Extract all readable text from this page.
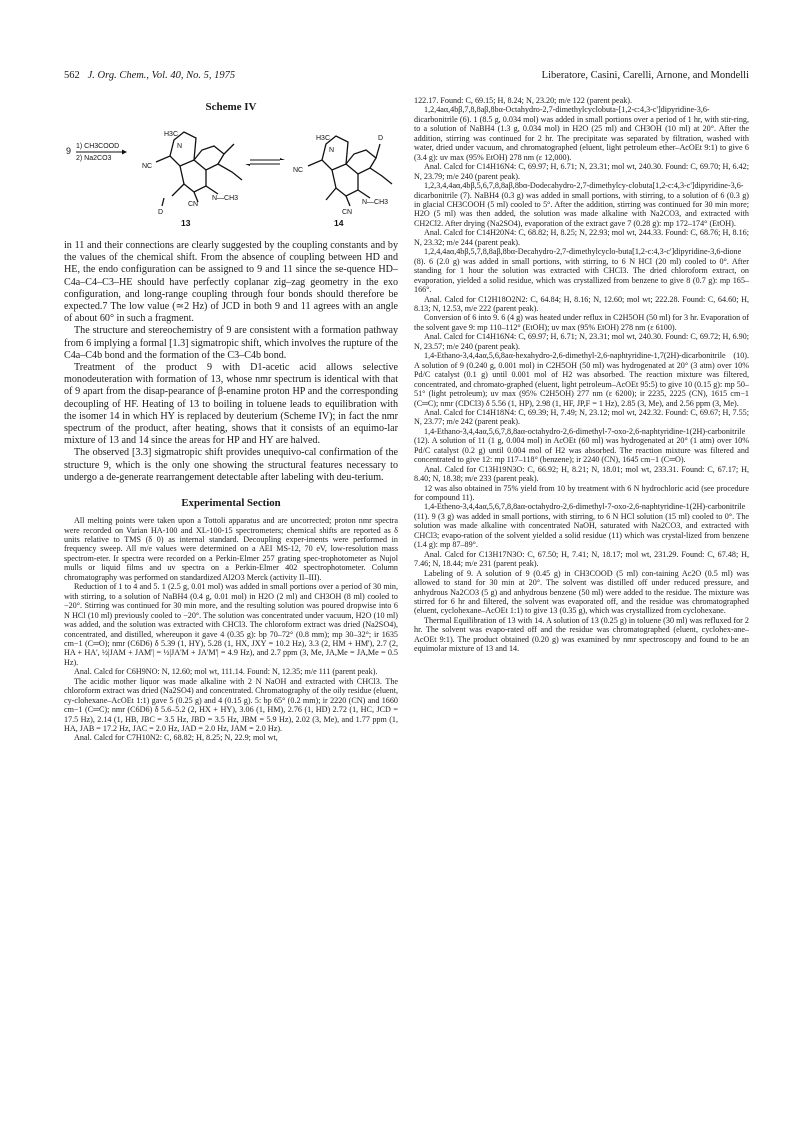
562 J. Org. Chem., Vol. 40, No. 5, 1975	Liberatore, Casini, Carelli, Arnone, and Mondelli
Scheme IV
9 1) CH3COOD
2) Na2CO3
H3C
N
NC
CN
N—CH3
D
13
H3C
N
NC
CN
N—CH3
D
14

in 11 and their connections are clearly suggested by the coupling constants and by the values of the chemical shift. From the absence of coupling between HD and HE, the endo configuration can be assigned to 9 and 11 since the se-quence HD–C4a–C4–C3–HE should have perfectly coplanar zig–zag geometry in the exo configuration, and long-range coupling through four bonds should therefore be expected.7 The low value (≃2 Hz) of JCD in both 9 and 11 agrees with an angle of about 60° in such a fragment.

The structure and stereochemistry of 9 are consistent with a formation pathway from 6 implying a formal [1.3] sigmatropic shift, which involves the rupture of the C4a–C4b bond and the formation of the C3–C4b bond.

Treatment of the product 9 with D1-acetic acid allows selective monodeuteration with formation of 13, whose nmr spectrum is identical with that of 9 apart from the disap-pearance of β-enamine proton HP and the corresponding decoupling of HF. Heating of 13 to boiling in toluene leads to equilibration with the isomer 14 in which HY is replaced by deuterium (Scheme IV); in fact the nmr spectrum of the product, after heating, shows that it consists of an equimo-lar mixture of 13 and 14 since the areas for HP and HY are halved.

The observed [3.3] sigmatropic shift provides unequivo-cal confirmation of the structure 9, which is the only one showing the structural features necessary to undergo a de-generate rearrangement detectable after labeling with deu-terium.

Experimental Section

All melting points were taken upon a Tottoli apparatus and are uncorrected; proton nmr spectra were recorded on Varian HA-100 and XL-100-15 spectrometers; chemical shifts are reported as δ units relative to TMS (δ 0) as internal standard. Decoupling exper-iments were performed in frequency sweep. All m/e values were determined on a AEI MS-12, 70 eV, low-resolution mass spectrom-eter. Ir spectra were recorded on a Perkin-Elmer 257 grating spec-trophotometer as Nujol mulls or liquid films and uv spectra on a Perkin-Elmer 402 spectrophotometer. Column chromatography was performed on standardized Al2O3 Merck (activity II–III).

Reduction of 1 to 4 and 5. 1 (2.5 g, 0.01 mol) was added in small portions over a period of 30 min, with stirring, to a solution of NaBH4 (0.4 g, 0.01 mol) in H2O (2 ml) and CH3OH (8 ml) cooled to −20°. Stirring was continued for 30 min more, and the resulting solution was poured dropwise into 6 N HCl (10 ml) previously cooled to −20°. The solution was concentrated under vacuum, H2O (10 ml) was added, and the solution was extracted with CHCl3. The chloroform extract was dried (Na2SO4), concentrated, and distilled, whereupon it gave 4 (0.35 g): bp 70–72° (0.8 mm); mp 30–32°; ir 1635 cm−1 (C═O); nmr (C6D6) δ 5.39 (1, HY), 5.28 (1, HX, JXY = 10.2 Hz), 3.3 (2, HM + HM'), 2.7 (2, HA + HA', ½|JAM + JAM'| = ½|JA'M + JA'M'| = 4.9 Hz), and 2.7 ppm (3, Me, JA,Me = JA,Me = 0.5 Hz).

Anal. Calcd for C6H9NO: N, 12.60; mol wt, 111.14. Found: N, 12.35; m/e 111 (parent peak).

The acidic mother liquor was made alkaline with 2 N NaOH and extracted with CHCl3. The chloroform extract was dried (Na2SO4) and concentrated. Chromatography of the oily residue (eluent, cy-clohexane–AcOEt 1:1) gave 5 (0.25 g) and 4 (0.15 g). 5: bp 65° (0.2 mm); ir 2220 (CN) and 1660 cm−1 (C═C); nmr (C6D6) δ 5.6–5.2 (2, HX + HY), 3.06 (1, HM), 2.76 (1, HD) 2.72 (1, HC, JCD = 17.5 Hz), 2.14 (1, HB, JBC = 3.5 Hz, JBD = 3.5 Hz, JBM = 5.9 Hz), 2.02 (3, Me), and 1.77 ppm (1, HA, JAB = 17.2 Hz, JAC = 2.0 Hz, JAD = 2.0 Hz, JAM = 2.0 Hz).

Anal. Calcd for C7H10N2: C, 68.82; H, 8.25; N, 22.9; mol wt,

122.17. Found: C, 69.15; H, 8.24; N, 23.20; m/e 122 (parent peak).

1,2,4aα,4bβ,7,8,8aβ,8bα-Octahydro-2,7-dimethylcyclobuta-[1,2-c:4,3-c']dipyridine-3,6-dicarbonitrile (6). 1 (8.5 g, 0.034 mol) was added in small portions over a period of 1 hr, with stir-ring, to a solution of NaBH4 (1.3 g, 0.034 mol) in H2O (25 ml) and CH3OH (10 ml) at 20°. After the addition, stirring was continued for 2 hr. The precipitate was separated by filtration, washed with water, dried under vacuum, and chromatographed (eluent, light petroleum ether–AcOEt 9:1) to give 6 (3.4 g): uv max (95% EtOH) 278 nm (ε 12,000).

Anal. Calcd for C14H16N4: C, 69.97; H, 6.71; N, 23.31; mol wt, 240.30. Found: C, 69.70; H, 6.42; N, 23.79; m/e 240 (parent peak).

1,2,3,4,4aα,4bβ,5,6,7,8,8aβ,8bα-Dodecahydro-2,7-dimethylcy-clobuta[1,2-c:4,3-c']dipyridine-3,6-dicarbonitrile (7). NaBH4 (0.3 g) was added in small portions, with stirring, to a solution of 6 (0.3 g) in glacial CH3COOH (5 ml) cooled to 5°. After the addition, stirring was continued for 30 min more; H2O (5 ml) was then added, the solution was made alkaline with Na2CO3, and extracted with CH2Cl2. After drying (Na2SO4), evaporation of the extract gave 7 (0.28 g): mp 172–174° (EtOH).

Anal. Calcd for C14H20N4: C, 68.82; H, 8.25; N, 22.93; mol wt, 244.33. Found: C, 68.76; H, 8.16; N, 23.32; m/e 244 (parent peak).

1,2,4,4aα,4bβ,5,7,8,8aβ,8bα-Decahydro-2,7-dimethylcyclo-buta[1,2-c:4,3-c']dipyridine-3,6-dione (8). 6 (2.0 g) was added in small portions, with stirring, to 6 N HCl (20 ml) cooled to 0°. After standing for 1 hour the solution was extracted with CHCl3. The dried chloroform extract, on evaporation, yielded a solid residue, which was crystallized from benzene to give 8 (0.7 g): mp 165–166°.

Anal. Calcd for C12H18O2N2: C, 64.84; H, 8.16; N, 12.60; mol wt; 222.28. Found: C, 64.60; H, 8.13; N, 12.53, m/e 222 (parent peak).

Conversion of 6 into 9. 6 (4 g) was heated under reflux in C2H5OH (50 ml) for 3 hr. Evaporation of the solvent gave 9: mp 110–112° (EtOH); uv max (95% EtOH) 278 nm (ε 6100).

Anal. Calcd for C14H16N4: C, 69.97; H, 6.71; N, 23.31; mol wt, 240.30. Found: C, 69.72; H, 6.90; N, 23.57; m/e 240 (parent peak).

1,4-Ethano-3,4,4aα,5,6,8aα-hexahydro-2,6-dimethyl-2,6-naphtyridine-1,7(2H)-dicarbonitrile (10). A solution of 9 (0.240 g, 0.001 mol) in C2H5OH (50 ml) was hydrogenated at 20° (3 atm) over 10% Pd/C catalyst (0.1 g) until 0.001 mol of H2 was absorbed. The reaction mixture was filtered, concentrated, and chromato-graphed (eluent, light petroleum–AcOEt 95:5) to give 10 (0.15 g): mp 50–51° (light petroleum); uv max (95% C2H5OH) 277 nm (ε 6200); ir 2235, 2225 (CN), 1615 cm−1 (C═C); nmr (CDCl3) δ 5.56 (1, HP), 2.98 (1, HF, JP,F = 1 Hz), 2.85 (3, Me), and 2.56 ppm (3, Me).

Anal. Calcd for C14H18N4: C, 69.39; H, 7.49; N, 23.12; mol wt, 242.32. Found: C, 69.67; H, 7.55; N, 23.77; m/e 242 (parent peak).

1,4-Ethano-3,4,4aα,5,6,7,8,8aα-octahydro-2,6-dimethyl-7-oxo-2,6-naphtyridine-1(2H)-carbonitrile (12). A solution of 11 (1 g, 0.004 mol) in AcOEt (60 ml) was hydrogenated at 20° (1 atm) over 10% Pd/C catalyst (0.2 g) until 0.004 mol of H2 was absorbed. The reaction mixture was filtered and concentrated to give 12: mp 117–118° (benzene); ir 2240 (CN), 1645 cm−1 (C═O).

Anal. Calcd for C13H19N3O: C, 66.92; H, 8.21; N, 18.01; mol wt, 233.31. Found: C, 67.17; H, 8.40; N, 18.38; m/e 233 (parent peak).

12 was also obtained in 75% yield from 10 by treatment with 6 N hydrochloric acid (see procedure for compound 11).

1,4-Etheno-3,4,4aα,5,6,7,8,8aα-octahydro-2,6-dimethyl-7-oxo-2,6-naphtyridine-1(2H)-carbonitrile (11). 9 (3 g) was added in small portions, with stirring, to 6 N HCl solution (15 ml) cooled to 0°. The solution was made alkaline with concentrated NaOH, saturated with Na2CO3, and extracted with CHCl3; evapo-ration of the solvent yielded a solid residue (11) which was crystal-lized from benzene (1.4 g): mp 87–89°.

Anal. Calcd for C13H17N3O: C, 67.50; H, 7.41; N, 18.17; mol wt, 231.29. Found: C, 67.48; H, 7.46; N, 18.44; m/e 231 (parent peak).

Labeling of 9. A solution of 9 (0.45 g) in CH3COOD (5 ml) con-taining Ac2O (0.5 ml) was allowed to stand for 30 min at 20°. The solvent was distilled off under reduced pressure, and anhydrous Na2CO3 (5 g) and anhydrous benzene (50 ml) were added to the residue. The mixture was stirred for 6 hr and filtered, the solvent was evaporated off, and the residue was chromatographed (eluent, cyclohexane–AcOEt 1:1) to give 13 (0.35 g), which was crystallized from cyclohexane.

Thermal Equilibration of 13 with 14. A solution of 13 (0.25 g) in toluene (30 ml) was refluxed for 2 hr. The solvent was evapo-rated off and the residue was chromatographed (eluent, cyclohex-ane–AcOEt 9:1). The product obtained (0.20 g) was examined by nmr spectroscopy and found to be an equimolar mixture of 13 and 14.
